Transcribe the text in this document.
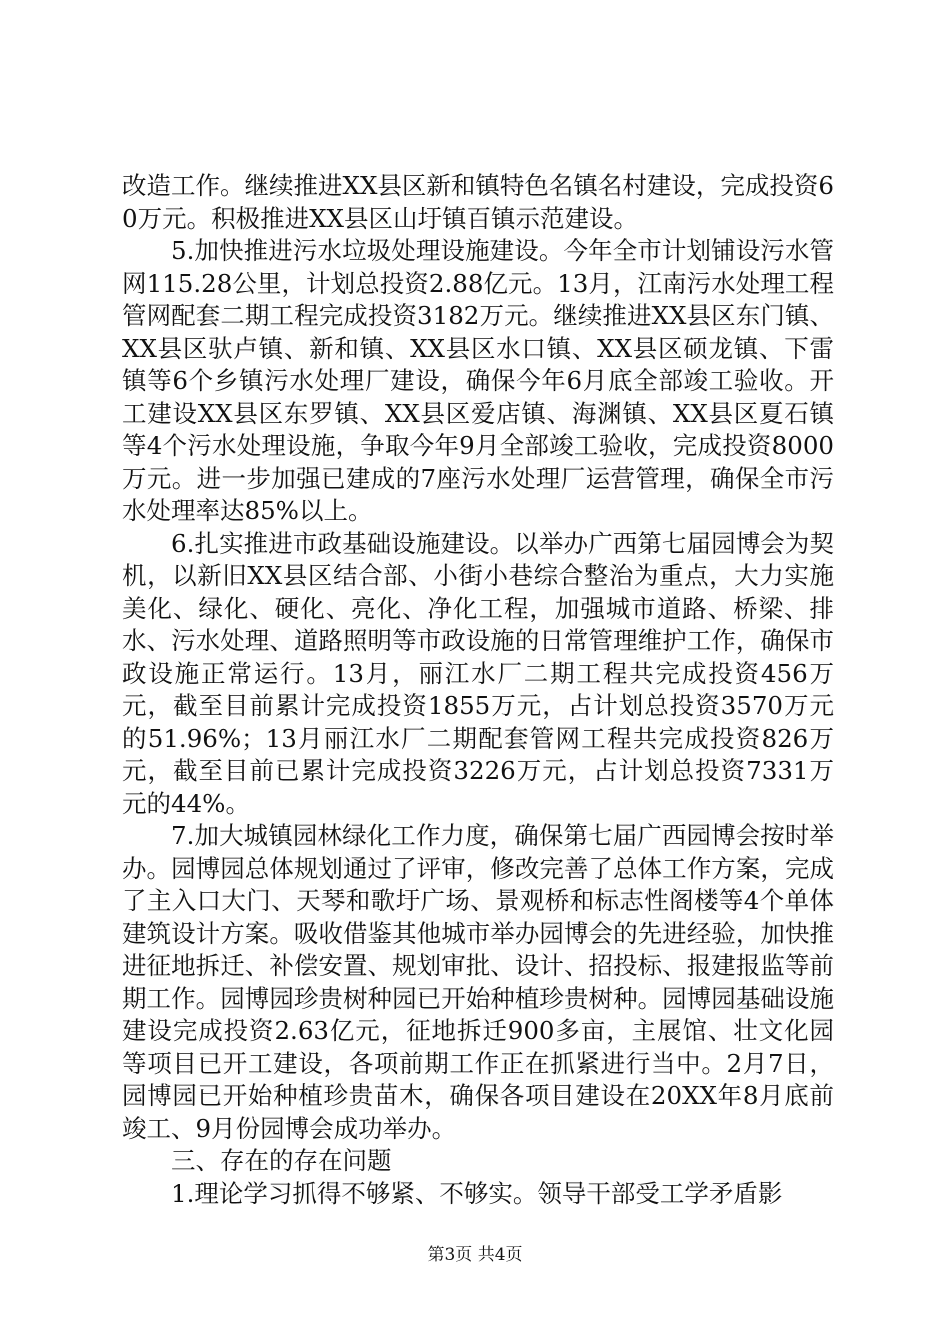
改造工作。继续推进XX县区新和镇特色名镇名村建设，完成投资60万元。积极推进XX县区山圩镇百镇示范建设。

5.加快推进污水垃圾处理设施建设。今年全市计划铺设污水管网115.28公里，计划总投资2.88亿元。13月，江南污水处理工程管网配套二期工程完成投资3182万元。继续推进XX县区东门镇、XX县区驮卢镇、新和镇、XX县区水口镇、XX县区硕龙镇、下雷镇等6个乡镇污水处理厂建设，确保今年6月底全部竣工验收。开工建设XX县区东罗镇、XX县区爱店镇、海渊镇、XX县区夏石镇等4个污水处理设施，争取今年9月全部竣工验收，完成投资8000万元。进一步加强已建成的7座污水处理厂运营管理，确保全市污水处理率达85%以上。

6.扎实推进市政基础设施建设。以举办广西第七届园博会为契机，以新旧XX县区结合部、小街小巷综合整治为重点，大力实施美化、绿化、硬化、亮化、净化工程，加强城市道路、桥梁、排水、污水处理、道路照明等市政设施的日常管理维护工作，确保市政设施正常运行。13月，丽江水厂二期工程共完成投资456万元，截至目前累计完成投资1855万元，占计划总投资3570万元的51.96%；13月丽江水厂二期配套管网工程共完成投资826万元，截至目前已累计完成投资3226万元，占计划总投资7331万元的44%。

7.加大城镇园林绿化工作力度，确保第七届广西园博会按时举办。园博园总体规划通过了评审，修改完善了总体工作方案，完成了主入口大门、天琴和歌圩广场、景观桥和标志性阁楼等4个单体建筑设计方案。吸收借鉴其他城市举办园博会的先进经验，加快推进征地拆迁、补偿安置、规划审批、设计、招投标、报建报监等前期工作。园博园珍贵树种园已开始种植珍贵树种。园博园基础设施建设完成投资2.63亿元，征地拆迁900多亩，主展馆、壮文化园等项目已开工建设，各项前期工作正在抓紧进行当中。2月7日，园博园已开始种植珍贵苗木，确保各项目建设在20XX年8月底前竣工、9月份园博会成功举办。

三、存在的存在问题

1.理论学习抓得不够紧、不够实。领导干部受工学矛盾影

第3页 共4页
